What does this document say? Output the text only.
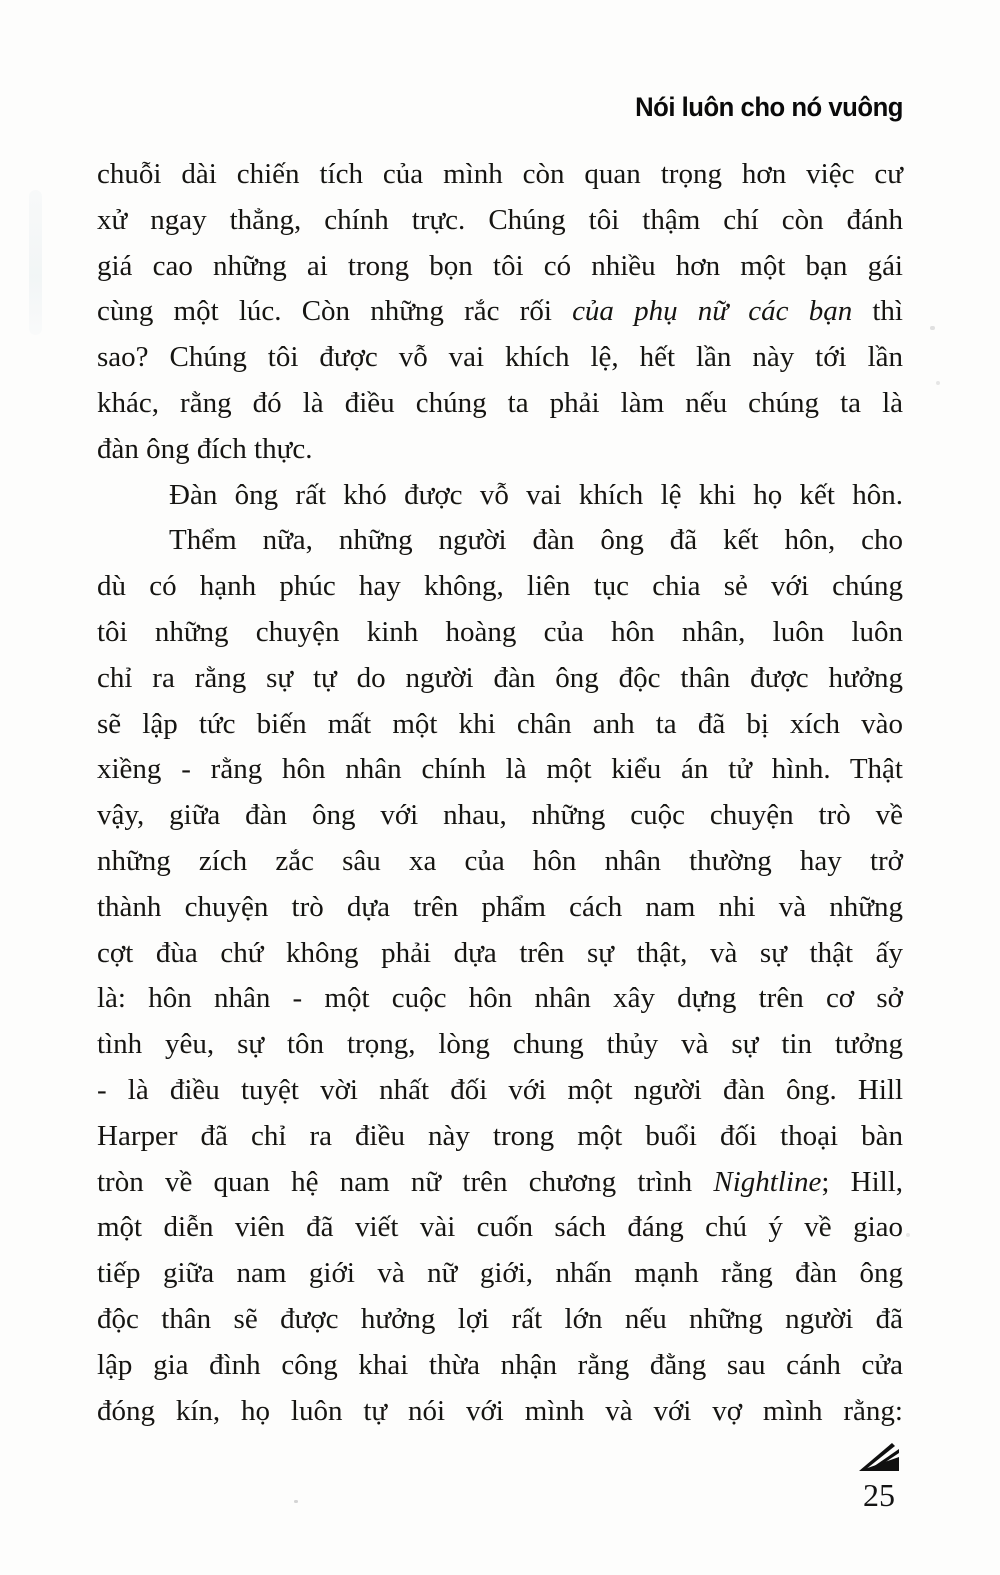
Nói luôn cho nó vuông

chuỗi dài chiến tích của mình còn quan trọng hơn việc cư
xử ngay thẳng, chính trực. Chúng tôi thậm chí còn đánh
giá cao những ai trong bọn tôi có nhiều hơn một bạn gái
cùng một lúc. Còn những rắc rối của phụ nữ các bạn thì
sao? Chúng tôi được vỗ vai khích lệ, hết lần này tới lần
khác, rằng đó là điều chúng ta phải làm nếu chúng ta là
đàn ông đích thực.

Đàn ông rất khó được vỗ vai khích lệ khi họ kết hôn.

Thểm nữa, những người đàn ông đã kết hôn, cho
dù có hạnh phúc hay không, liên tục chia sẻ với chúng
tôi những chuyện kinh hoàng của hôn nhân, luôn luôn
chỉ ra rằng sự tự do người đàn ông độc thân được hưởng
sẽ lập tức biến mất một khi chân anh ta đã bị xích vào
xiềng - rằng hôn nhân chính là một kiểu án tử hình. Thật
vậy, giữa đàn ông với nhau, những cuộc chuyện trò về
những zích zắc sâu xa của hôn nhân thường hay trở
thành chuyện trò dựa trên phẩm cách nam nhi và những
cợt đùa chứ không phải dựa trên sự thật, và sự thật ấy
là: hôn nhân - một cuộc hôn nhân xây dựng trên cơ sở
tình yêu, sự tôn trọng, lòng chung thủy và sự tin tưởng
- là điều tuyệt vời nhất đối với một người đàn ông. Hill
Harper đã chỉ ra điều này trong một buổi đối thoại bàn
tròn về quan hệ nam nữ trên chương trình Nightline; Hill,
một diễn viên đã viết vài cuốn sách đáng chú ý về giao
tiếp giữa nam giới và nữ giới, nhấn mạnh rằng đàn ông
độc thân sẽ được hưởng lợi rất lớn nếu những người đã
lập gia đình công khai thừa nhận rằng đằng sau cánh cửa
đóng kín, họ luôn tự nói với mình và với vợ mình rằng:

25
